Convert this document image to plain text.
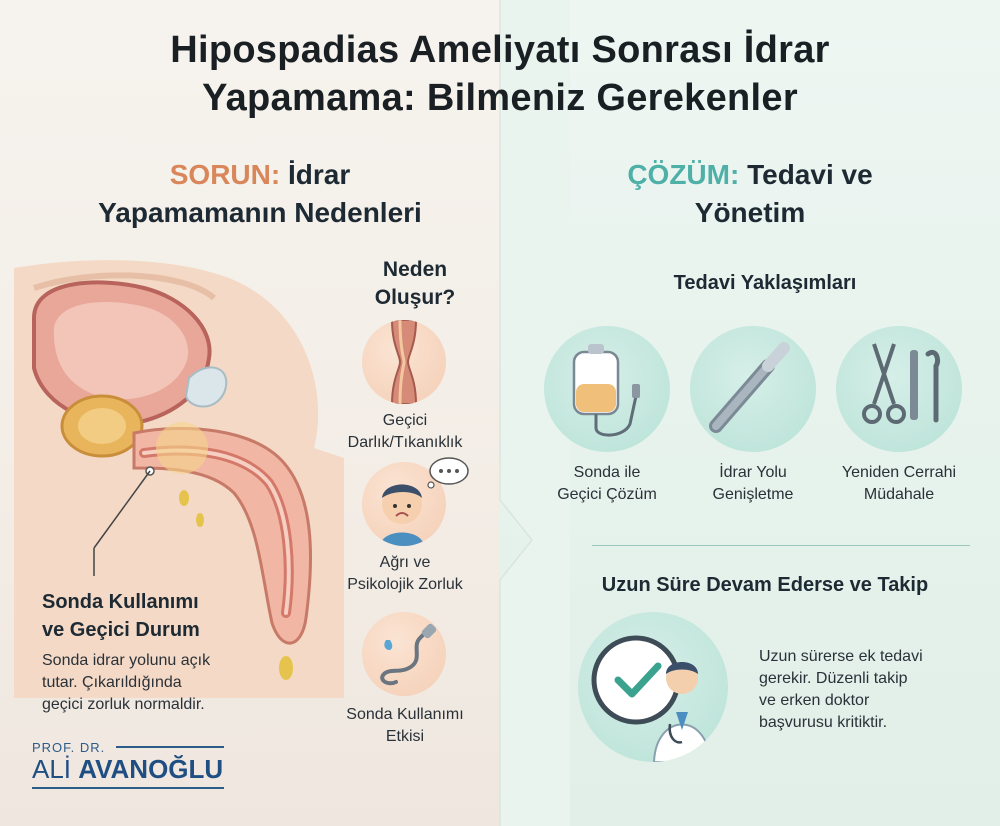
Hipospadias Ameliyatı Sonrası İdrar
Yapamama: Bilmeniz Gerekenler
SORUN: İdrar
Yapamamanın Nedenleri
ÇÖZÜM: Tedavi ve
Yönetim
Neden Oluşur?
Geçici
Darlık/Tıkanıklık
Ağrı ve
Psikolojik Zorluk
Sonda Kullanımı
Etkisi
Sonda Kullanımı
ve Geçici Durum
Sonda idrar yolunu açık
tutar. Çıkarıldığında
geçici zorluk normaldir.
PROF. DR.
ALİ AVANOĞLU
Tedavi Yaklaşımları
Sonda ile
Geçici Çözüm
İdrar Yolu
Genişletme
Yeniden Cerrahi
Müdahale
Uzun Süre Devam Ederse ve Takip
Uzun sürerse ek tedavi
gerekir. Düzenli takip
ve erken doktor
başvurusu kritiktir.
